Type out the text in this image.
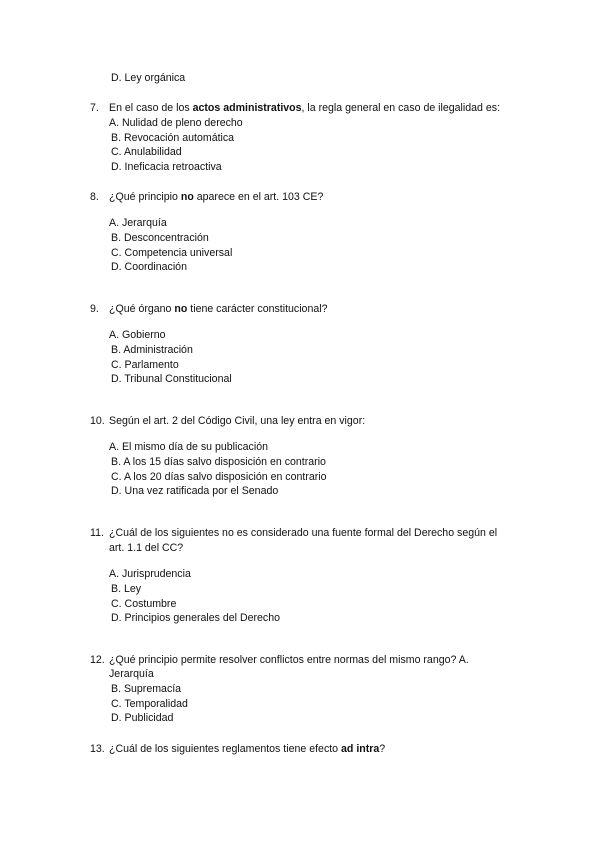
D. Ley orgánica
7. En el caso de los actos administrativos, la regla general en caso de ilegalidad es:
A. Nulidad de pleno derecho
B. Revocación automática
C. Anulabilidad
D. Ineficacia retroactiva
8. ¿Qué principio no aparece en el art. 103 CE?
A. Jerarquía
B. Desconcentración
C. Competencia universal
D. Coordinación
9. ¿Qué órgano no tiene carácter constitucional?
A. Gobierno
B. Administración
C. Parlamento
D. Tribunal Constitucional
10. Según el art. 2 del Código Civil, una ley entra en vigor:
A. El mismo día de su publicación
B. A los 15 días salvo disposición en contrario
C. A los 20 días salvo disposición en contrario
D. Una vez ratificada por el Senado
11. ¿Cuál de los siguientes no es considerado una fuente formal del Derecho según el
art. 1.1 del CC?
A. Jurisprudencia
B. Ley
C. Costumbre
D. Principios generales del Derecho
12. ¿Qué principio permite resolver conflictos entre normas del mismo rango? A.
Jerarquía
B. Supremacía
C. Temporalidad
D. Publicidad
13. ¿Cuál de los siguientes reglamentos tiene efecto ad intra?
